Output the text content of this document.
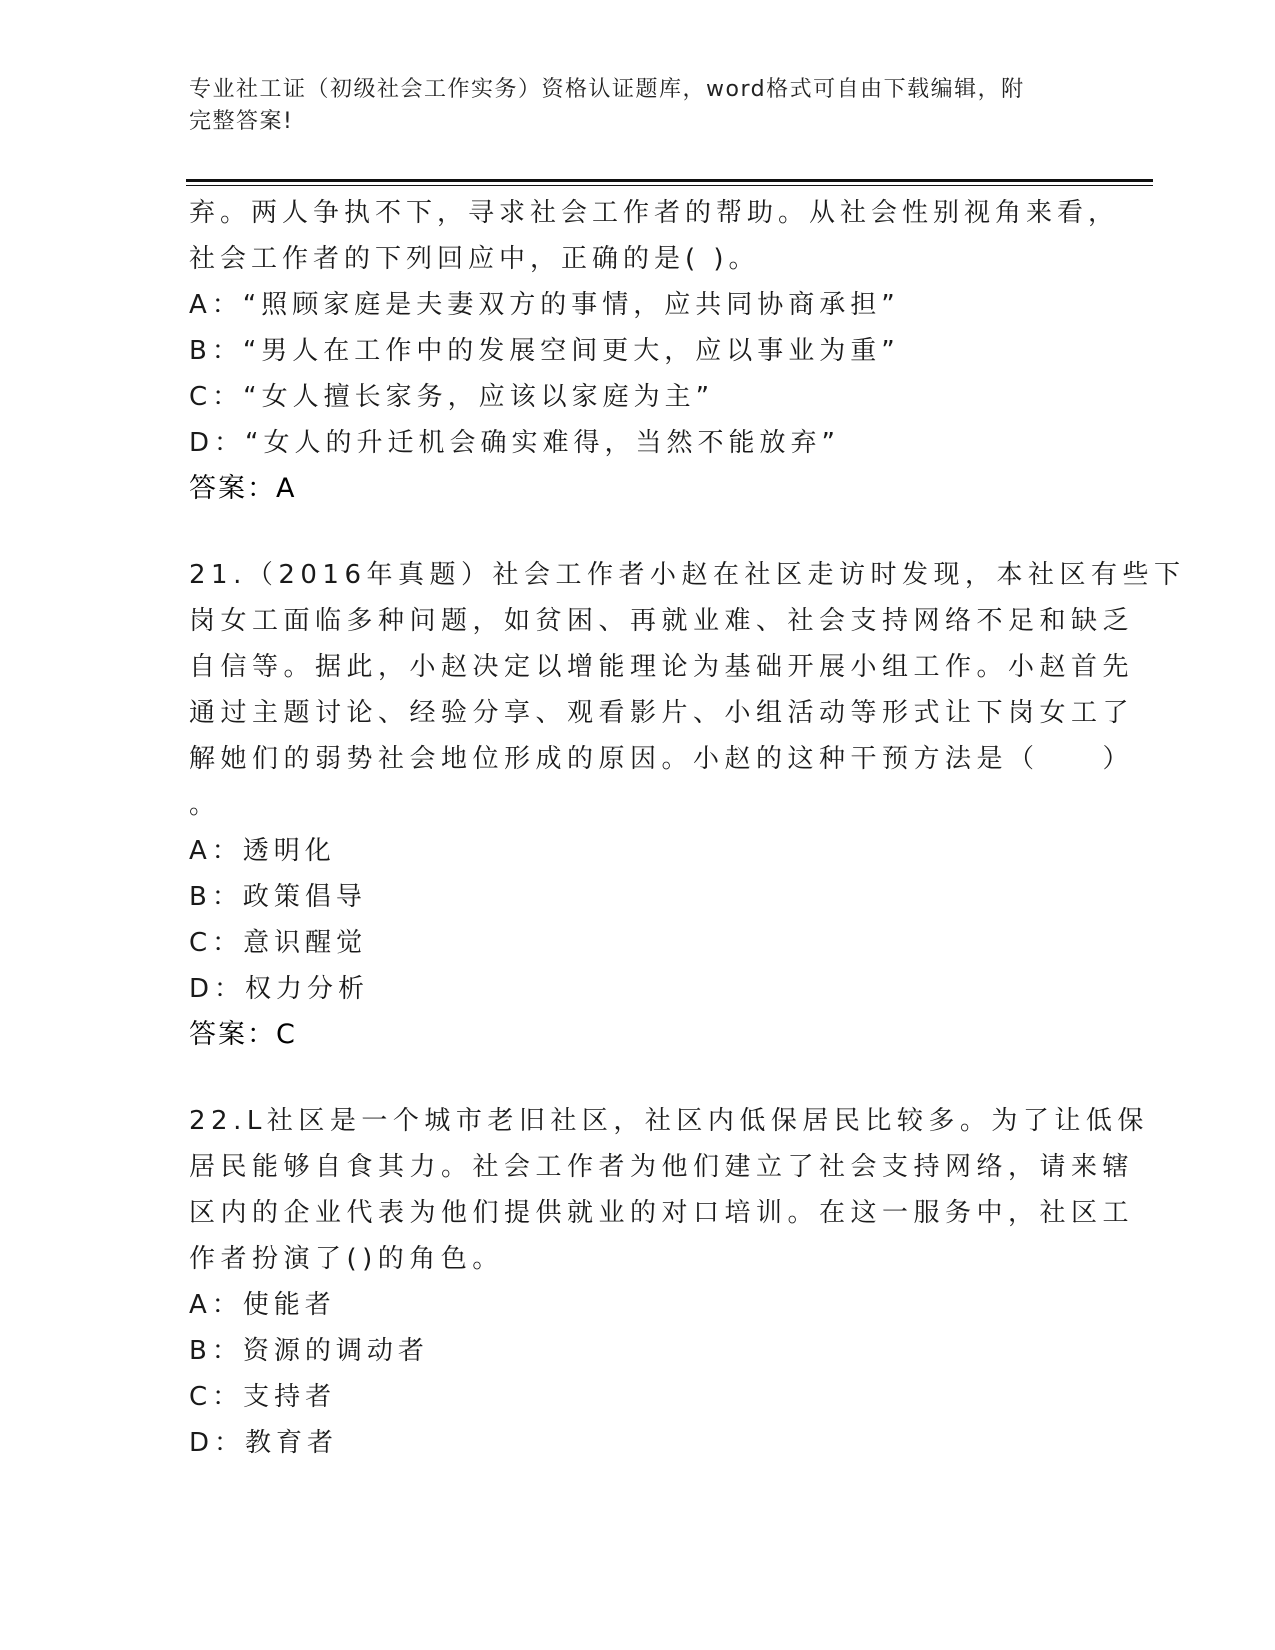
专业社工证（初级社会工作实务）资格认证题库，word格式可自由下载编辑，附
完整答案!
弃。两人争执不下，寻求社会工作者的帮助。从社会性别视角来看，
社会工作者的下列回应中，正确的是( )。
A：“照顾家庭是夫妻双方的事情，应共同协商承担”
B：“男人在工作中的发展空间更大，应以事业为重”
C：“女人擅长家务，应该以家庭为主”
D：“女人的升迁机会确实难得，当然不能放弃”
答案：A
21.（2016年真题）社会工作者小赵在社区走访时发现，本社区有些下
岗女工面临多种问题，如贫困、再就业难、社会支持网络不足和缺乏
自信等。据此，小赵决定以增能理论为基础开展小组工作。小赵首先
通过主题讨论、经验分享、观看影片、小组活动等形式让下岗女工了
解她们的弱势社会地位形成的原因。小赵的这种干预方法是（　　）
。
A：透明化
B：政策倡导
C：意识醒觉
D：权力分析
答案：C
22.L社区是一个城市老旧社区，社区内低保居民比较多。为了让低保
居民能够自食其力。社会工作者为他们建立了社会支持网络，请来辖
区内的企业代表为他们提供就业的对口培训。在这一服务中，社区工
作者扮演了()的角色。
A：使能者
B：资源的调动者
C：支持者
D：教育者
